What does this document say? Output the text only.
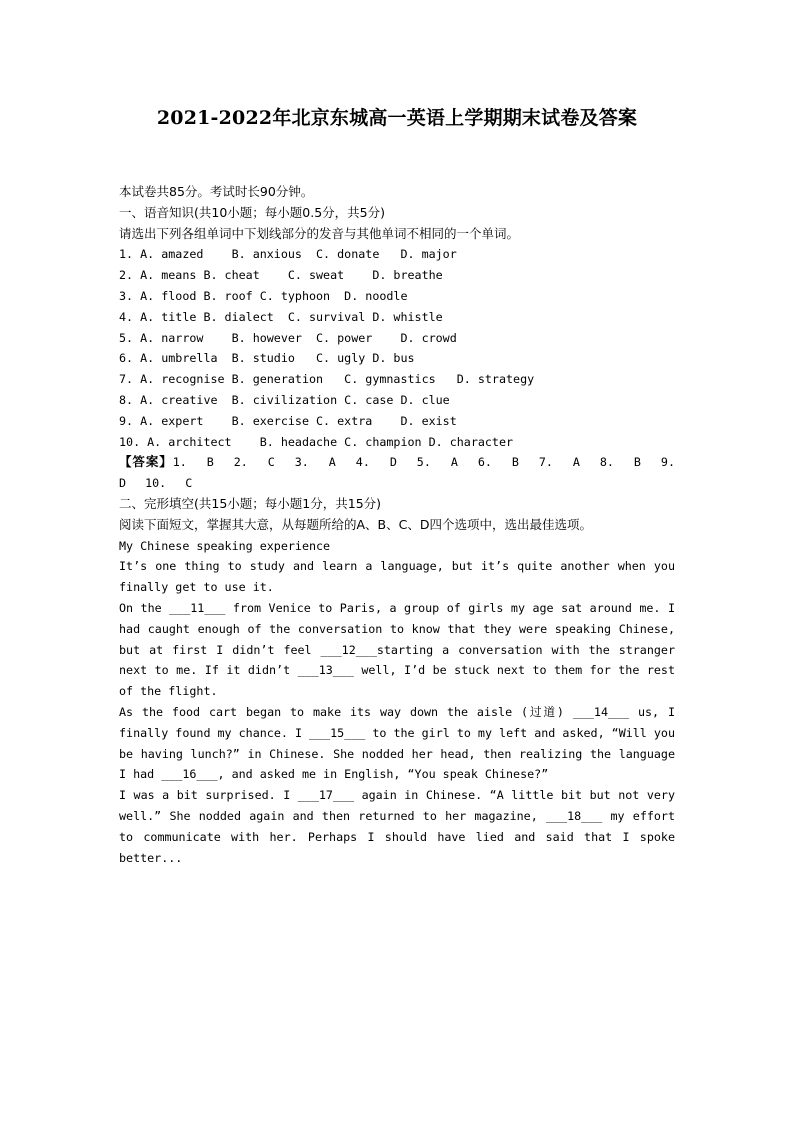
2021-2022年北京东城高一英语上学期期末试卷及答案
本试卷共85分。考试时长90分钟。
一、语音知识(共10小题；每小题0.5分，共5分)
请选出下列各组单词中下划线部分的发音与其他单词不相同的一个单词。
1. A. amazed    B. anxious  C. donate   D. major
2. A. means B. cheat    C. sweat    D. breathe
3. A. flood B. roof C. typhoon  D. noodle
4. A. title B. dialect  C. survival D. whistle
5. A. narrow    B. however  C. power    D. crowd
6. A. umbrella  B. studio   C. ugly D. bus
7. A. recognise B. generation   C. gymnastics   D. strategy
8. A. creative  B. civilization C. case D. clue
9. A. expert    B. exercise C. extra    D. exist
10. A. architect    B. headache C. champion D. character
【答案】1. B 2. C 3. A 4. D 5. A 6. B 7. A 8. B 9. D 10. C
二、完形填空(共15小题；每小题1分，共15分)
阅读下面短文，掌握其大意，从每题所给的A、B、C、D四个选项中，选出最佳选项。
My Chinese speaking experience

It’s one thing to study and learn a language, but it’s quite another when you finally get to use it.

On the ___11___ from Venice to Paris, a group of girls my age sat around me. I had caught enough of the conversation to know that they were speaking Chinese, but at first I didn’t feel ___12___starting a conversation with the stranger next to me. If it didn’t ___13___ well, I’d be stuck next to them for the rest of the flight.

As the food cart began to make its way down the aisle (过道) ___14___ us, I finally found my chance. I ___15___ to the girl to my left and asked, “Will you be having lunch?” in Chinese. She nodded her head, then realizing the language I had ___16___, and asked me in English, “You speak Chinese?”

I was a bit surprised. I ___17___ again in Chinese. “A little bit but not very well.” She nodded again and then returned to her magazine, ___18___ my effort to communicate with her. Perhaps I should have lied and said that I spoke better...
